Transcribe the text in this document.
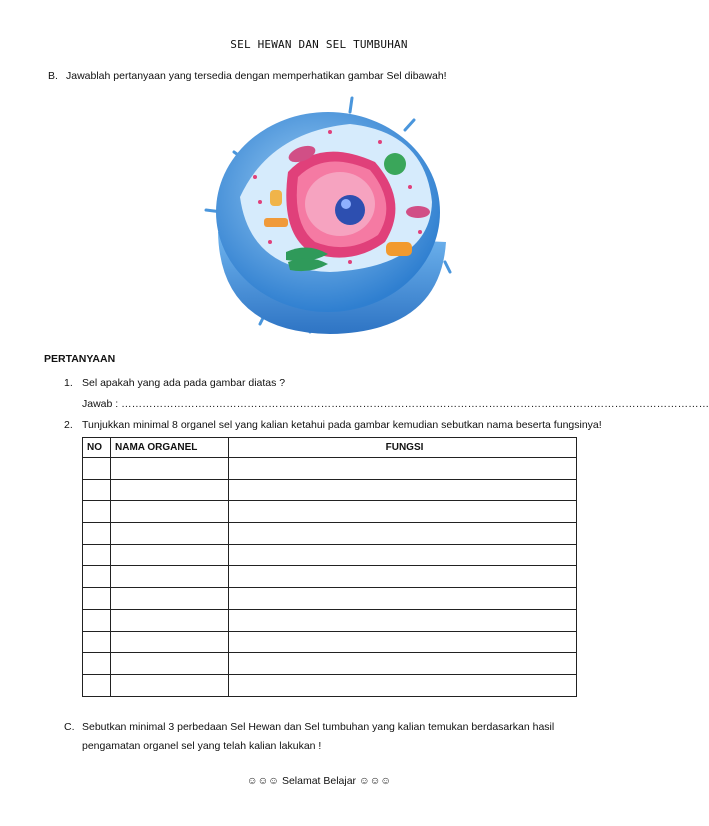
SEL HEWAN DAN SEL TUMBUHAN
B. Jawablah pertanyaan yang tersedia dengan memperhatikan gambar Sel dibawah!
PERTANYAAN
1. Sel apakah yang ada pada gambar diatas ?
Jawab : ……………………………………………………………………………………………………………………………………………………
2. Tunjukkan minimal 8 organel sel yang kalian ketahui pada gambar kemudian sebutkan nama beserta fungsinya!
NO	NAMA ORGANEL	FUNGSI

C. Sebutkan minimal 3 perbedaan Sel Hewan dan Sel tumbuhan yang kalian temukan berdasarkan hasil
pengamatan organel sel yang telah kalian lakukan !
☺☺☺ Selamat Belajar ☺☺☺
